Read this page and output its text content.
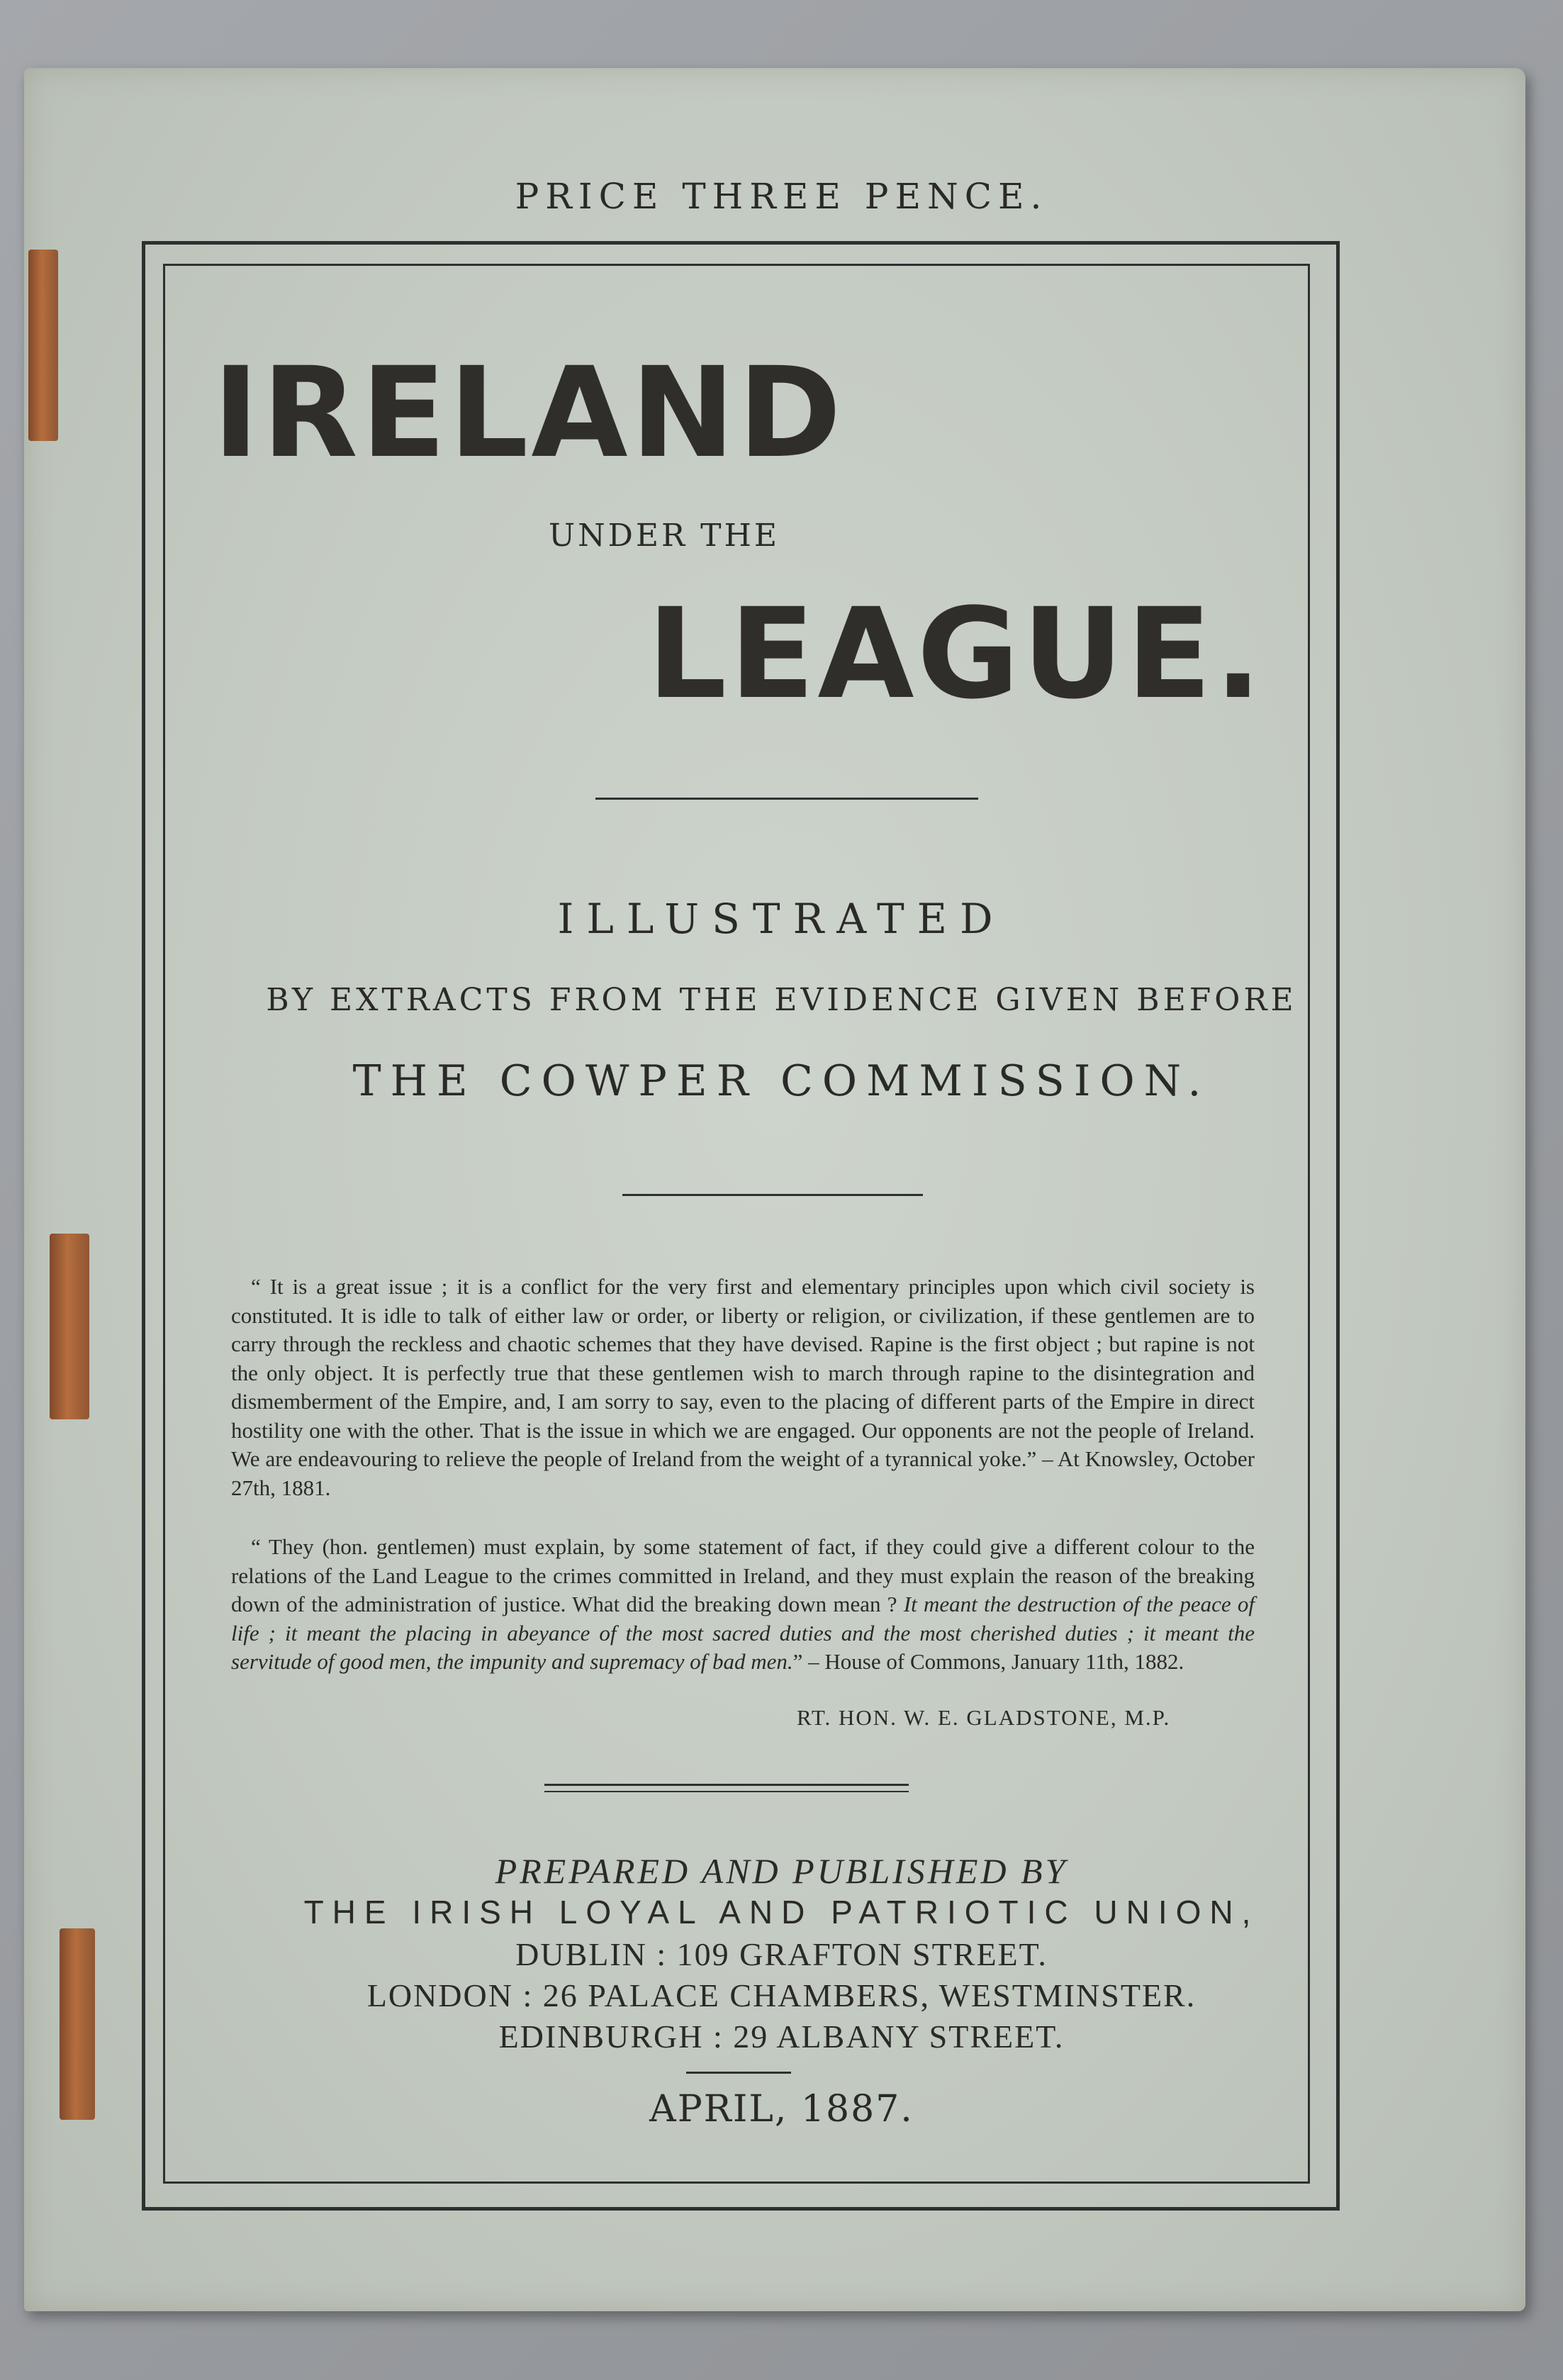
PRICE THREE PENCE.
IRELAND
UNDER THE
LEAGUE.
ILLUSTRATED
BY EXTRACTS FROM THE EVIDENCE GIVEN BEFORE
THE COWPER COMMISSION.
“ It is a great issue ; it is a conflict for the very first and elementary principles upon which civil society is constituted. It is idle to talk of either law or order, or liberty or religion, or civilization, if these gentlemen are to carry through the reckless and chaotic schemes that they have devised. Rapine is the first object ; but rapine is not the only object. It is perfectly true that these gentlemen wish to march through rapine to the disintegration and dismemberment of the Empire, and, I am sorry to say, even to the placing of different parts of the Empire in direct hostility one with the other. That is the issue in which we are engaged. Our opponents are not the people of Ireland. We are endeavouring to relieve the people of Ireland from the weight of a tyrannical yoke.” – At Knowsley, October 27th, 1881.
“ They (hon. gentlemen) must explain, by some statement of fact, if they could give a different colour to the relations of the Land League to the crimes committed in Ireland, and they must explain the reason of the breaking down of the administration of justice. What did the breaking down mean ? It meant the destruction of the peace of life ; it meant the placing in abeyance of the most sacred duties and the most cherished duties ; it meant the servitude of good men, the impunity and supremacy of bad men.” – House of Commons, January 11th, 1882.
RT. HON. W. E. GLADSTONE, M.P.
PREPARED AND PUBLISHED BY
THE IRISH LOYAL AND PATRIOTIC UNION,
DUBLIN : 109 GRAFTON STREET.
LONDON : 26 PALACE CHAMBERS, WESTMINSTER.
EDINBURGH : 29 ALBANY STREET.
APRIL, 1887.
